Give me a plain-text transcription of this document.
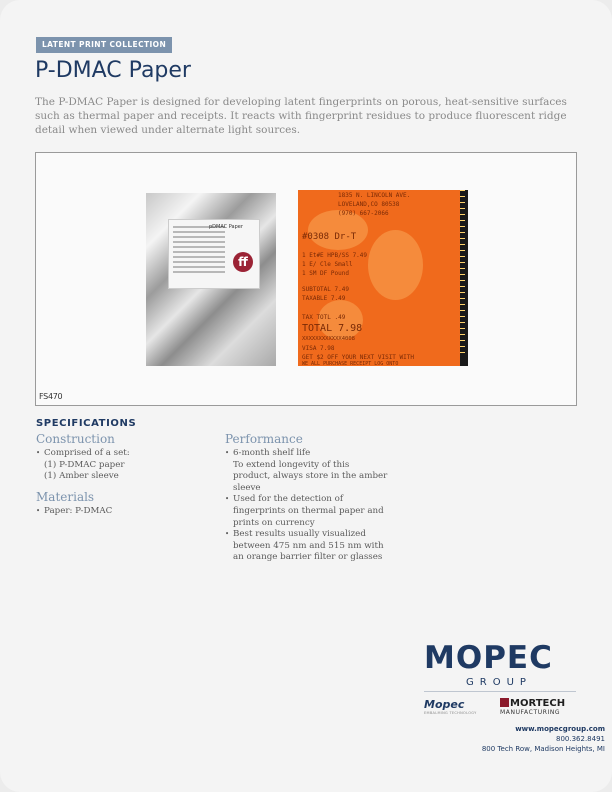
LATENT PRINT COLLECTION
P-DMAC Paper
The P-DMAC Paper is designed for developing latent fingerprints on porous, heat-sensitive surfaces such as thermal paper and receipts. It reacts with fingerprint residues to produce fluorescent ridge detail when viewed under alternate light sources.
pDMAC Paper
ff
1835 N. LINCOLN AVE.
LOVELAND,CO 80538
(970) 667-2066
#0308 Dr-T
1 Et#E HPB/SS 7.49
1 E/ Cle Small
1 SM DF Pound
SUBTOTAL 7.49
TAXABLE 7.49
TAX TOTL .49
TOTAL 7.98
XXXXXXXXXXXX4008
VISA 7.98
GET $2 OFF YOUR NEXT VISIT WITH
WE ALL PURCHASE RECEIPT LOG ONTO
FS470
SPECIFICATIONS
Construction
• Comprised of a set:
(1) P-DMAC paper
(1) Amber sleeve
Materials
• Paper: P-DMAC
Performance
• 6-month shelf life
To extend longevity of this
product, always store in the amber
sleeve
• Used for the detection of
fingerprints on thermal paper and
prints on currency
• Best results usually visualized
between 475 nm and 515 nm with
an orange barrier filter or glasses
MOPEC
GROUP
Mopec
EMBALMING TECHNOLOGY
MORTECH
MANUFACTURING
www.mopecgroup.com
800.362.8491
800 Tech Row, Madison Heights, MI
